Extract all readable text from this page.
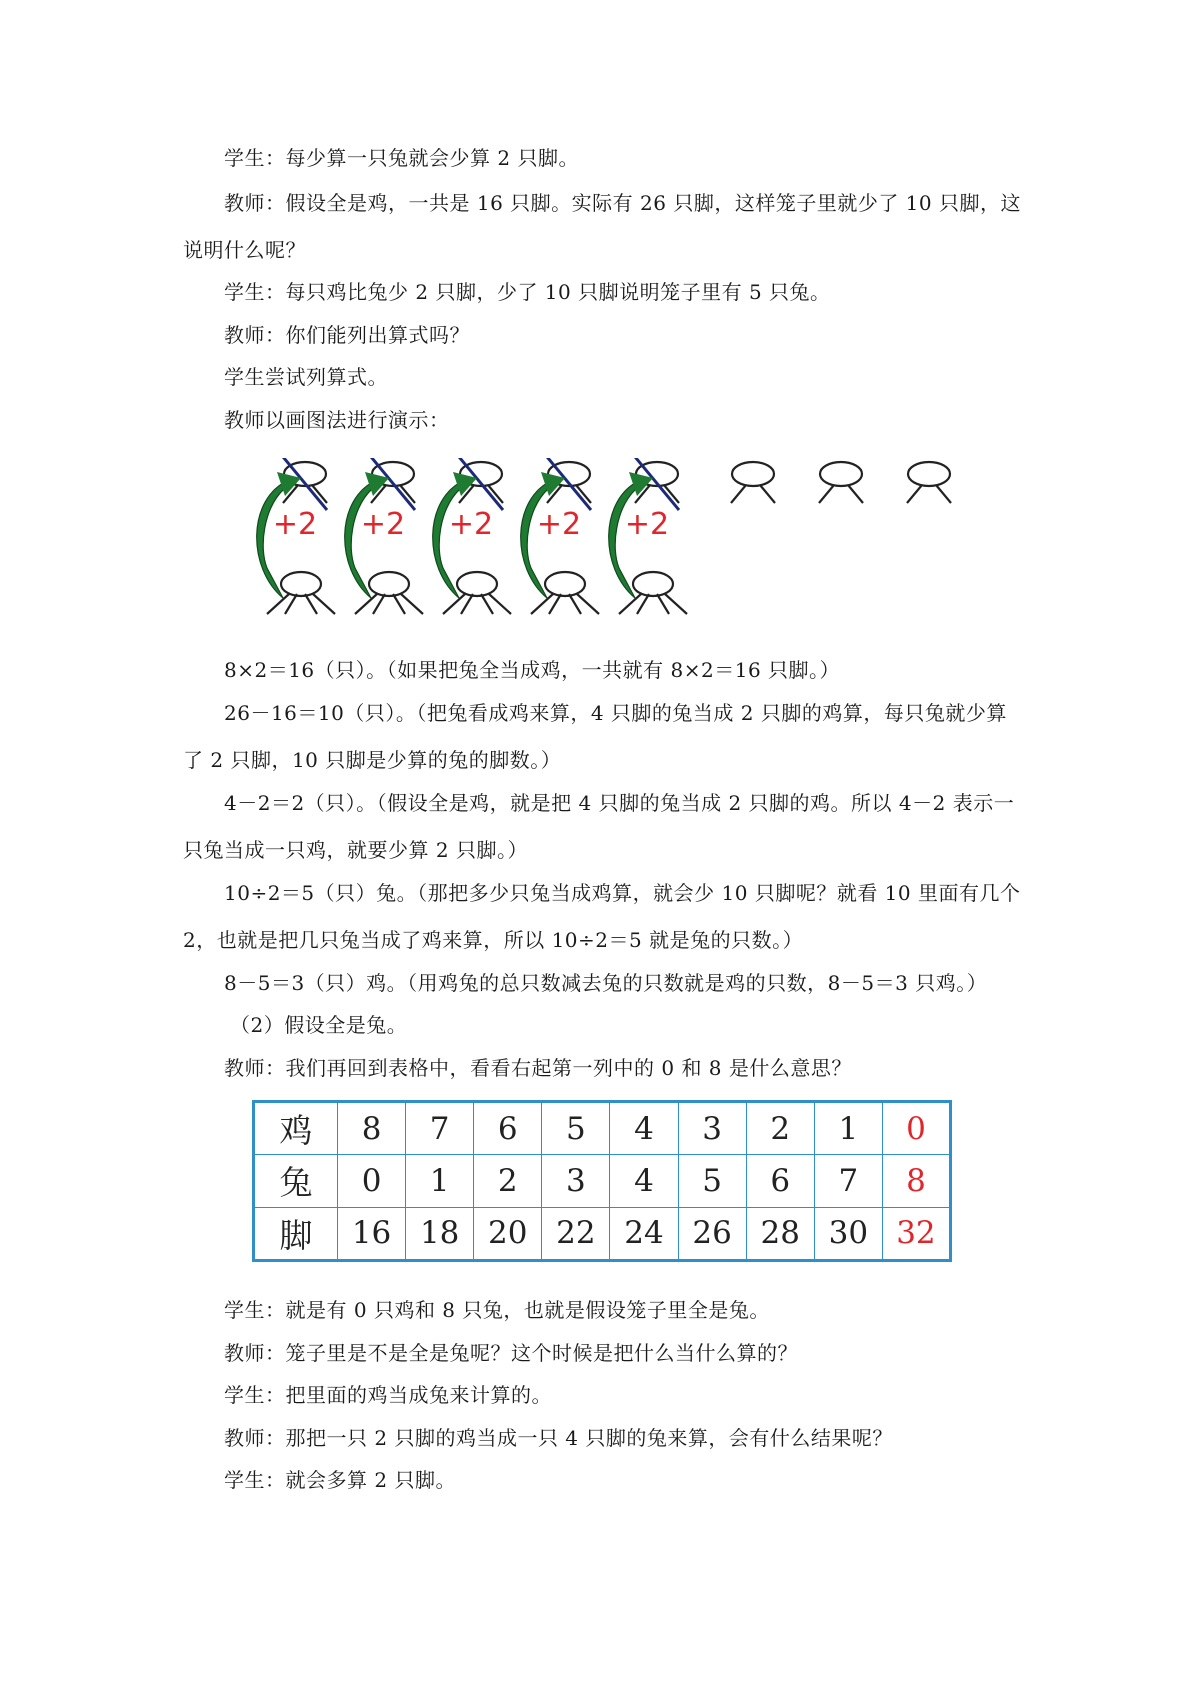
学生：每少算一只兔就会少算 2 只脚。
教师：假设全是鸡，一共是 16 只脚。实际有 26 只脚，这样笼子里就少了 10 只脚，这
说明什么呢？
学生：每只鸡比兔少 2 只脚，少了 10 只脚说明笼子里有 5 只兔。
教师：你们能列出算式吗？
学生尝试列算式。
教师以画图法进行演示：
+2 +2 +2 +2 +2
8×2＝16（只）。（如果把兔全当成鸡，一共就有 8×2＝16 只脚。）
26－16＝10（只）。（把兔看成鸡来算，4 只脚的兔当成 2 只脚的鸡算，每只兔就少算
了 2 只脚，10 只脚是少算的兔的脚数。）
4－2＝2（只）。（假设全是鸡，就是把 4 只脚的兔当成 2 只脚的鸡。所以 4－2 表示一
只兔当成一只鸡，就要少算 2 只脚。）
10÷2＝5（只）兔。（那把多少只兔当成鸡算，就会少 10 只脚呢？就看 10 里面有几个
2，也就是把几只兔当成了鸡来算，所以 10÷2＝5 就是兔的只数。）
8－5＝3（只）鸡。（用鸡兔的总只数减去兔的只数就是鸡的只数，8－5＝3 只鸡。）
（2）假设全是兔。
教师：我们再回到表格中，看看右起第一列中的 0 和 8 是什么意思？
鸡	8	7	6	5	4	3	2	1	0
兔	0	1	2	3	4	5	6	7	8
脚	16	18	20	22	24	26	28	30	32
学生：就是有 0 只鸡和 8 只兔，也就是假设笼子里全是兔。
教师：笼子里是不是全是兔呢？这个时候是把什么当什么算的？
学生：把里面的鸡当成兔来计算的。
教师：那把一只 2 只脚的鸡当成一只 4 只脚的兔来算，会有什么结果呢？
学生：就会多算 2 只脚。
